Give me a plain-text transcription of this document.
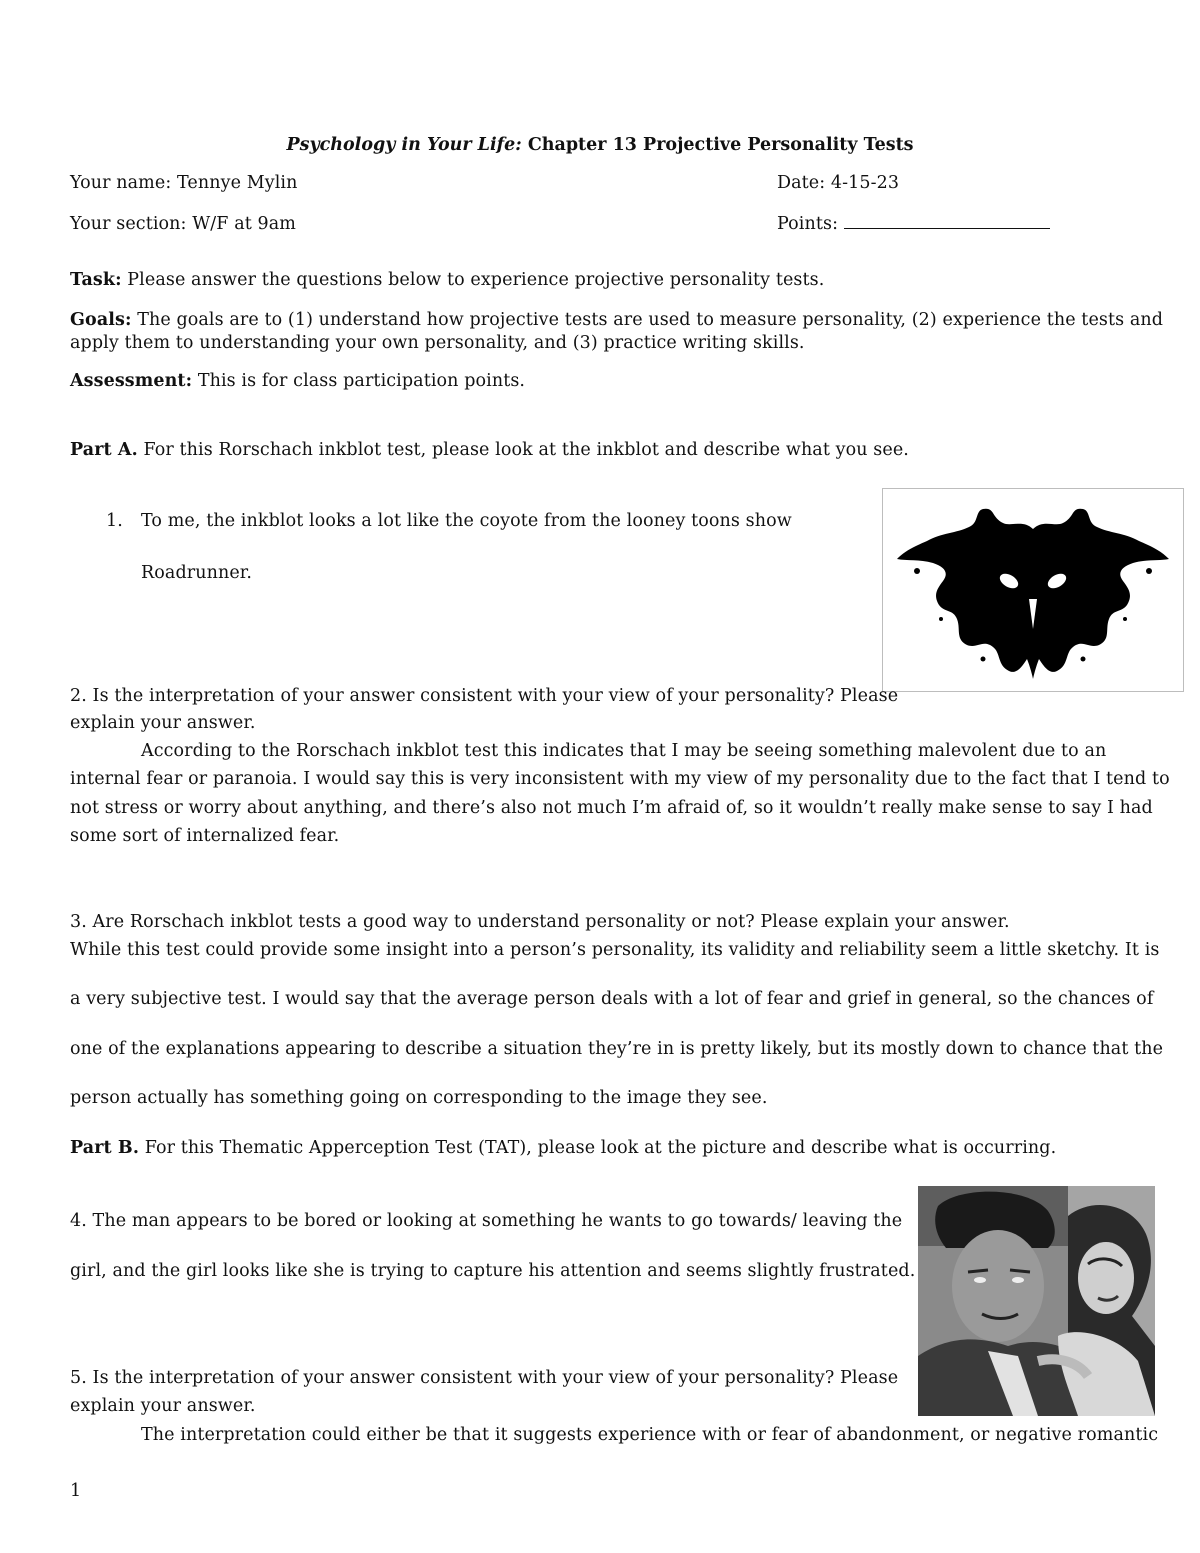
Psychology in Your Life: Chapter 13 Projective Personality Tests
Your name: Tennye Mylin	Date: 4-15-23
Your section: W/F at 9am	Points:
Task: Please answer the questions below to experience projective personality tests.
Goals: The goals are to (1) understand how projective tests are used to measure personality, (2) experience the tests and
apply them to understanding your own personality, and (3) practice writing skills.
Assessment: This is for class participation points.
Part A. For this Rorschach inkblot test, please look at the inkblot and describe what you see.
1. To me, the inkblot looks a lot like the coyote from the looney toons show
Roadrunner.
2. Is the interpretation of your answer consistent with your view of your personality? Please
explain your answer.
According to the Rorschach inkblot test this indicates that I may be seeing something malevolent due to an
internal fear or paranoia. I would say this is very inconsistent with my view of my personality due to the fact that I tend to
not stress or worry about anything, and there’s also not much I’m afraid of, so it wouldn’t really make sense to say I had
some sort of internalized fear.
3. Are Rorschach inkblot tests a good way to understand personality or not? Please explain your answer.
While this test could provide some insight into a person’s personality, its validity and reliability seem a little sketchy. It is
a very subjective test. I would say that the average person deals with a lot of fear and grief in general, so the chances of
one of the explanations appearing to describe a situation they’re in is pretty likely, but its mostly down to chance that the
person actually has something going on corresponding to the image they see.
Part B. For this Thematic Apperception Test (TAT), please look at the picture and describe what is occurring.
4. The man appears to be bored or looking at something he wants to go towards/ leaving the
girl, and the girl looks like she is trying to capture his attention and seems slightly frustrated.
5. Is the interpretation of your answer consistent with your view of your personality? Please
explain your answer.
The interpretation could either be that it suggests experience with or fear of abandonment, or negative romantic
1
